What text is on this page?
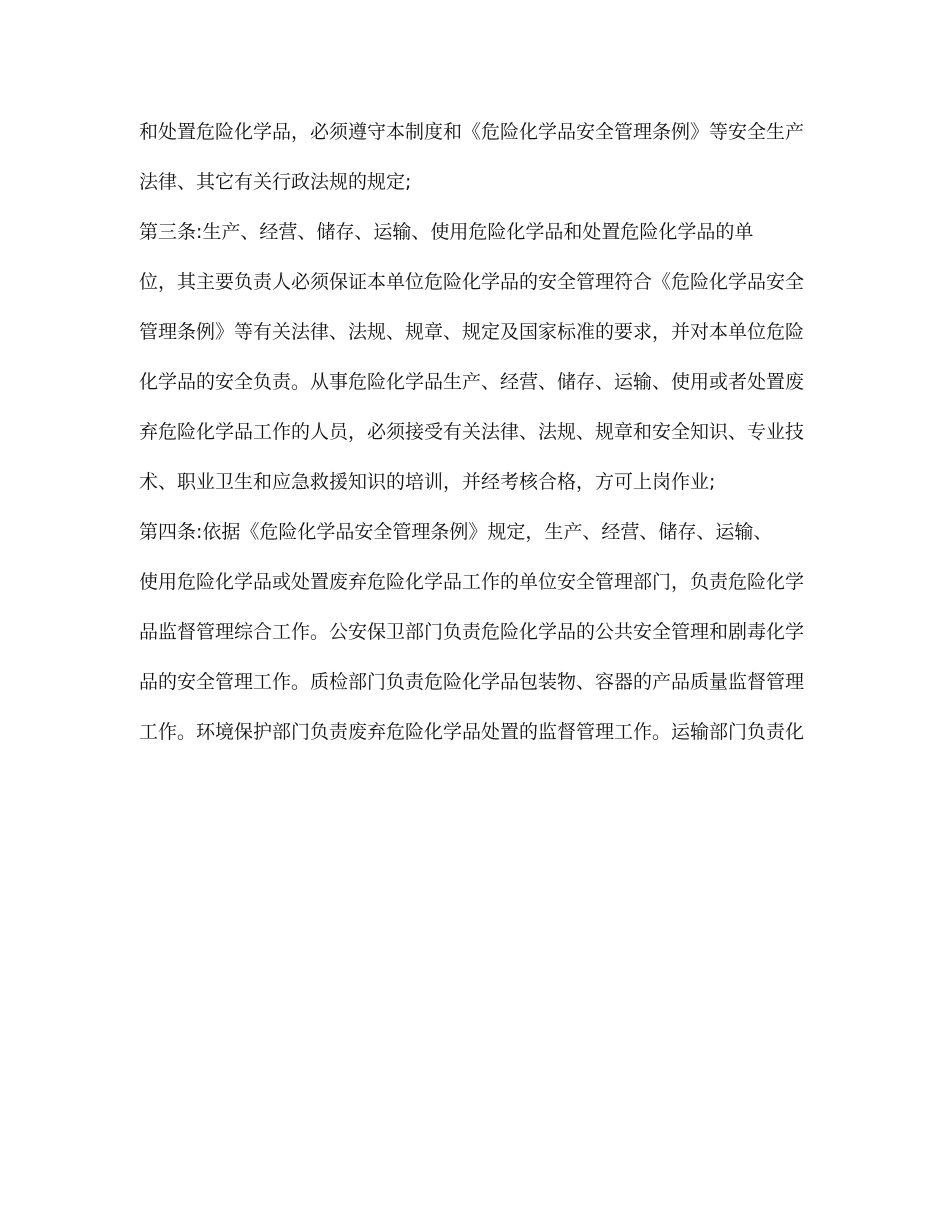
和处置危险化学品，必须遵守本制度和《危险化学品安全管理条例》等安全生产

法律、其它有关行政法规的规定;

第三条:生产、经营、储存、运输、使用危险化学品和处置危险化学品的单

位，其主要负责人必须保证本单位危险化学品的安全管理符合《危险化学品安全

管理条例》等有关法律、法规、规章、规定及国家标准的要求，并对本单位危险

化学品的安全负责。从事危险化学品生产、经营、储存、运输、使用或者处置废

弃危险化学品工作的人员，必须接受有关法律、法规、规章和安全知识、专业技

术、职业卫生和应急救援知识的培训，并经考核合格，方可上岗作业;

第四条:依据《危险化学品安全管理条例》规定，生产、经营、储存、运输、

使用危险化学品或处置废弃危险化学品工作的单位安全管理部门，负责危险化学

品监督管理综合工作。公安保卫部门负责危险化学品的公共安全管理和剧毒化学

品的安全管理工作。质检部门负责危险化学品包装物、容器的产品质量监督管理

工作。环境保护部门负责废弃危险化学品处置的监督管理工作。运输部门负责化
